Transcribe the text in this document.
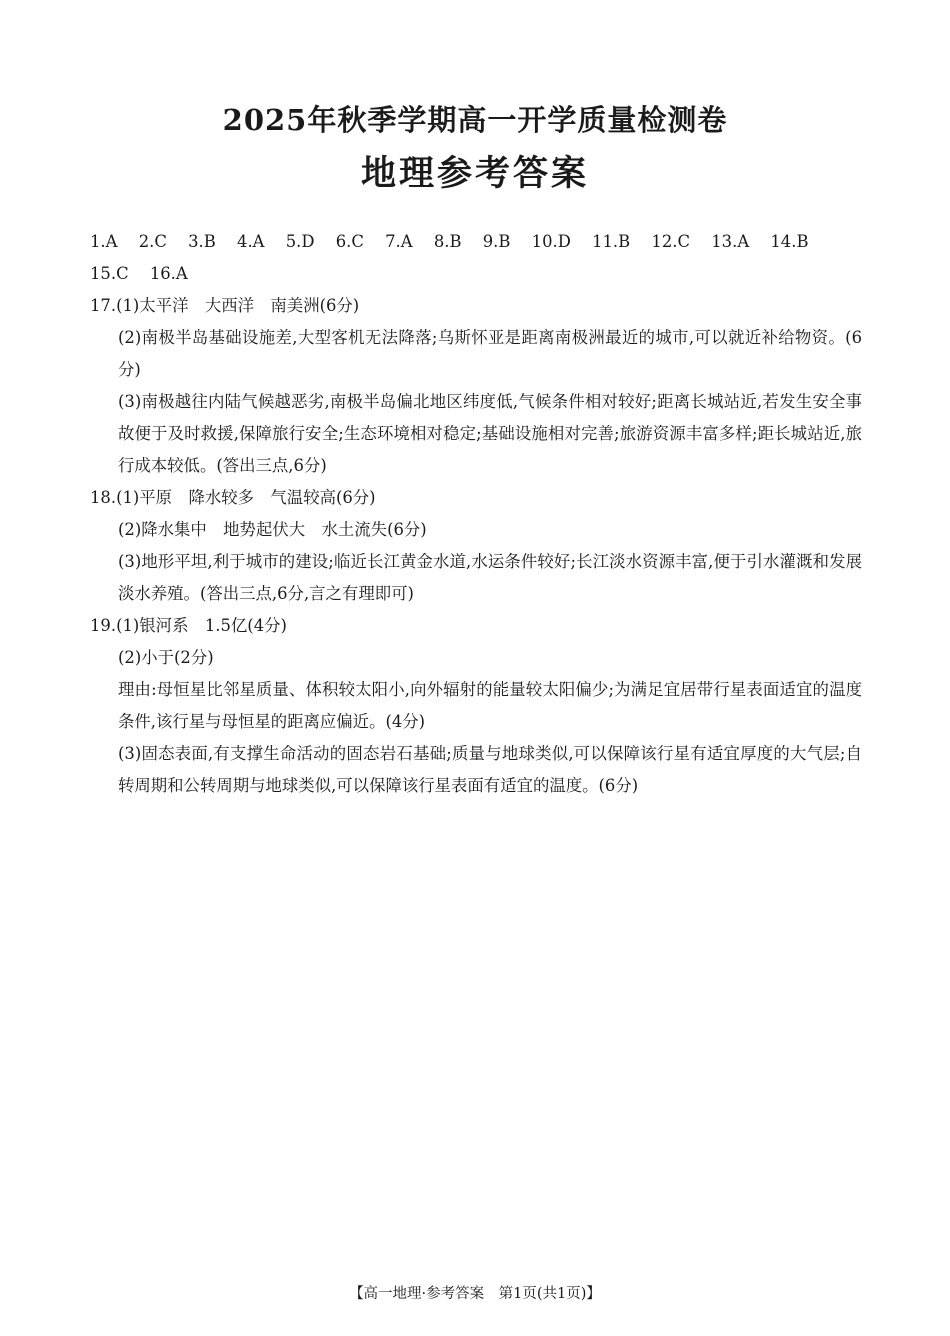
2025年秋季学期高一开学质量检测卷
地理参考答案
1.A 2.C 3.B 4.A 5.D 6.C 7.A 8.B 9.B 10.D 11.B 12.C 13.A 14.B
15.C 16.A
17.(1)太平洋　大西洋　南美洲(6分)
(2)南极半岛基础设施差,大型客机无法降落;乌斯怀亚是距离南极洲最近的城市,可以就近补给物资。(6分)
(3)南极越往内陆气候越恶劣,南极半岛偏北地区纬度低,气候条件相对较好;距离长城站近,若发生安全事故便于及时救援,保障旅行安全;生态环境相对稳定;基础设施相对完善;旅游资源丰富多样;距长城站近,旅行成本较低。(答出三点,6分)
18.(1)平原　降水较多　气温较高(6分)
(2)降水集中　地势起伏大　水土流失(6分)
(3)地形平坦,利于城市的建设;临近长江黄金水道,水运条件较好;长江淡水资源丰富,便于引水灌溉和发展淡水养殖。(答出三点,6分,言之有理即可)
19.(1)银河系　1.5亿(4分)
(2)小于(2分)
理由:母恒星比邻星质量、体积较太阳小,向外辐射的能量较太阳偏少;为满足宜居带行星表面适宜的温度条件,该行星与母恒星的距离应偏近。(4分)
(3)固态表面,有支撑生命活动的固态岩石基础;质量与地球类似,可以保障该行星有适宜厚度的大气层;自转周期和公转周期与地球类似,可以保障该行星表面有适宜的温度。(6分)
【高一地理·参考答案　第1页(共1页)】
